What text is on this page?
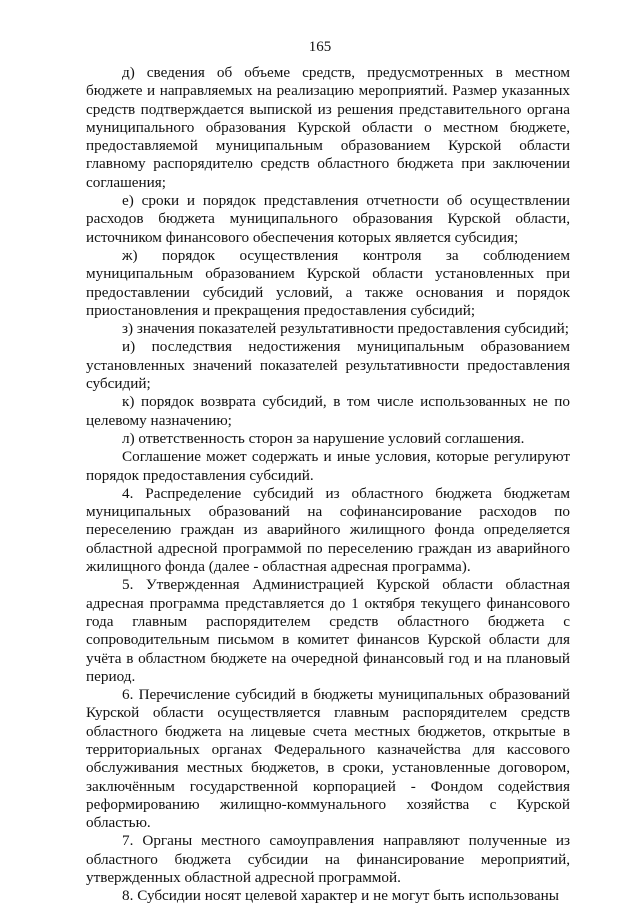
165

д) сведения об объеме средств, предусмотренных в местном бюджете и направляемых на реализацию мероприятий. Размер указанных средств подтверждается выпиской из решения представительного органа муниципального образования Курской области о местном бюджете, предоставляемой муниципальным образованием Курской области главному распорядителю средств областного бюджета при заключении соглашения;

е) сроки и порядок представления отчетности об осуществлении расходов бюджета муниципального образования Курской области, источником финансового обеспечения которых является субсидия;

ж) порядок осуществления контроля за соблюдением муниципальным образованием Курской области установленных при предоставлении субсидий условий, а также основания и порядок приостановления и прекращения предоставления субсидий;

з) значения показателей результативности предоставления субсидий;

и) последствия недостижения муниципальным образованием установленных значений показателей результативности предоставления субсидий;

к) порядок возврата субсидий, в том числе использованных не по целевому назначению;

л) ответственность сторон за нарушение условий соглашения.

Соглашение может содержать и иные условия, которые регулируют порядок предоставления субсидий.

4. Распределение субсидий из областного бюджета бюджетам муниципальных образований на софинансирование расходов по переселению граждан из аварийного жилищного фонда определяется областной адресной программой по переселению граждан из аварийного жилищного фонда (далее - областная адресная программа).

5. Утвержденная Администрацией Курской области областная адресная программа представляется до 1 октября текущего финансового года главным распорядителем средств областного бюджета с сопроводительным письмом в комитет финансов Курской области для учёта в областном бюджете на очередной финансовый год и на плановый период.

6. Перечисление субсидий в бюджеты муниципальных образований Курской области осуществляется главным распорядителем средств областного бюджета на лицевые счета местных бюджетов, открытые в территориальных органах Федерального казначейства для кассового обслуживания местных бюджетов, в сроки, установленные договором, заключённым государственной корпорацией - Фондом содействия реформированию жилищно-коммунального хозяйства с Курской областью.

7. Органы местного самоуправления направляют полученные из областного бюджета субсидии на финансирование мероприятий, утвержденных областной адресной программой.

8. Субсидии носят целевой характер и не могут быть использованы
